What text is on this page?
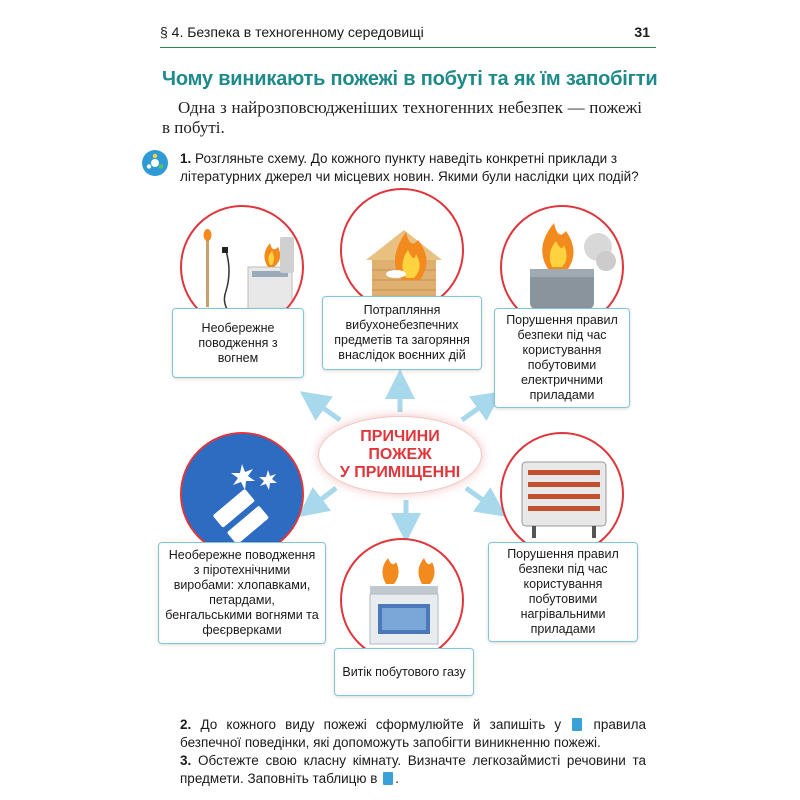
§ 4. Безпека в техногенному середовищі	31
Чому виникають пожежі в побуті та як їм запобігти
Одна з найрозповсюдженіших техногенних небезпек — пожежі в побуті.
1. Розгляньте схему. До кожного пункту наведіть конкретні приклади з літературних джерел чи місцевих новин. Якими були наслідки цих подій?
Необережне поводження з вогнем
Потрапляння вибухонебезпечних предметів та загоряння внаслідок воєнних дій
Порушення правил безпеки під час користування побутовими електричними приладами
Необережне поводження з піротехнічними виробами: хлопавками, петардами, бенгальськими вогнями та феєрверками
Витік побутового газу
Порушення правил безпеки під час користування побутовими нагрівальними приладами
ПРИЧИНИ
ПОЖЕЖ
У ПРИМІЩЕННІ
2. До кожного виду пожежі сформулюйте й запишіть у правила безпечної поведінки, які допоможуть запобігти виникненню пожежі.
3. Обстежте свою класну кімнату. Визначте легкозаймисті речовини та предмети. Заповніть таблицю в .
